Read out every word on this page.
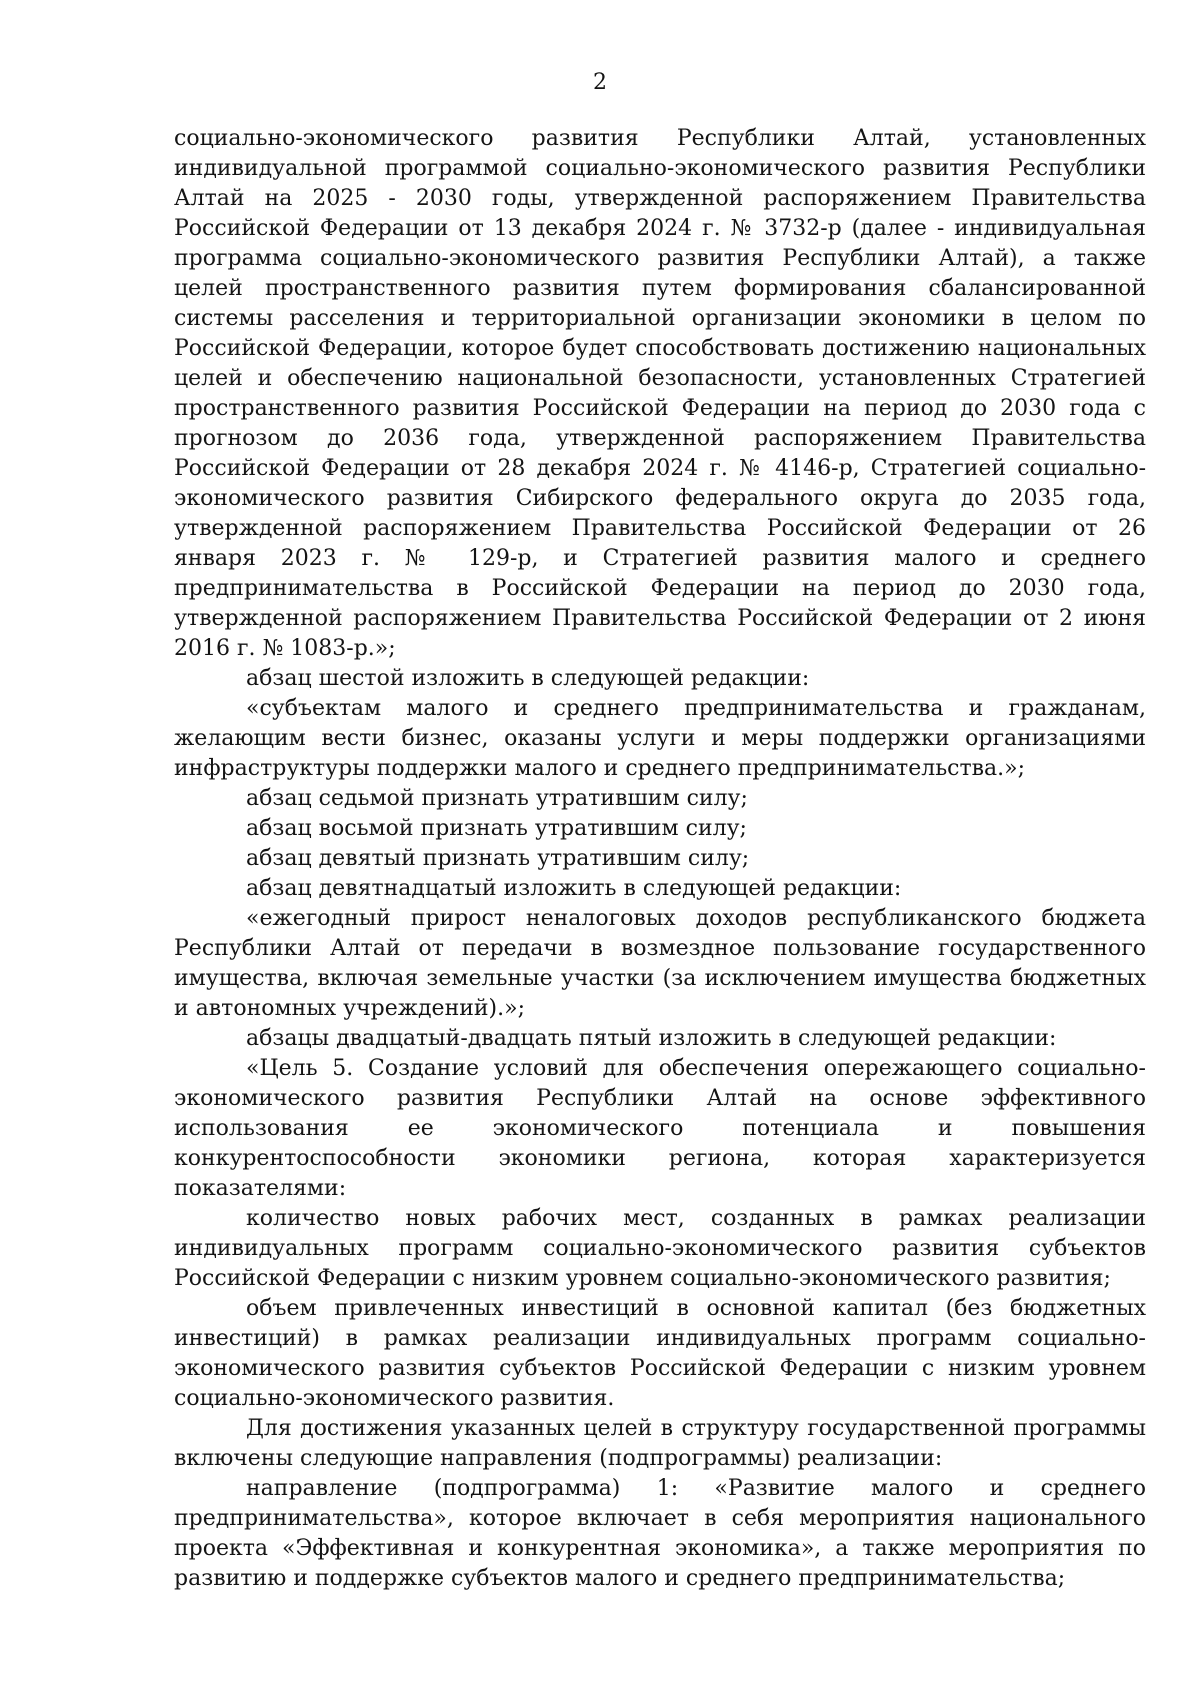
2

социально-экономического развития Республики Алтай, установленных индивидуальной программой социально-экономического развития Республики Алтай на 2025 - 2030 годы, утвержденной распоряжением Правительства Российской Федерации от 13 декабря 2024 г. № 3732-р (далее - индивидуальная программа социально-экономического развития Республики Алтай), а также целей пространственного развития путем формирования сбалансированной системы расселения и территориальной организации экономики в целом по Российской Федерации, которое будет способствовать достижению национальных целей и обеспечению национальной безопасности, установленных Стратегией пространственного развития Российской Федерации на период до 2030 года с прогнозом до 2036 года, утвержденной распоряжением Правительства Российской Федерации от 28 декабря 2024 г. № 4146-р, Стратегией социально-экономического развития Сибирского федерального округа до 2035 года, утвержденной распоряжением Правительства Российской Федерации от 26 января 2023 г. № 129-р, и Стратегией развития малого и среднего предпринимательства в Российской Федерации на период до 2030 года, утвержденной распоряжением Правительства Российской Федерации от 2 июня 2016 г. № 1083-р.»;

абзац шестой изложить в следующей редакции:

«субъектам малого и среднего предпринимательства и гражданам, желающим вести бизнес, оказаны услуги и меры поддержки организациями инфраструктуры поддержки малого и среднего предпринимательства.»;

абзац седьмой признать утратившим силу;

абзац восьмой признать утратившим силу;

абзац девятый признать утратившим силу;

абзац девятнадцатый изложить в следующей редакции:

«ежегодный прирост неналоговых доходов республиканского бюджета Республики Алтай от передачи в возмездное пользование государственного имущества, включая земельные участки (за исключением имущества бюджетных и автономных учреждений).»;

абзацы двадцатый-двадцать пятый изложить в следующей редакции:

«Цель 5. Создание условий для обеспечения опережающего социально-экономического развития Республики Алтай на основе эффективного использования ее экономического потенциала и повышения конкурентоспособности экономики региона, которая характеризуется показателями:

количество новых рабочих мест, созданных в рамках реализации индивидуальных программ социально-экономического развития субъектов Российской Федерации с низким уровнем социально-экономического развития;

объем привлеченных инвестиций в основной капитал (без бюджетных инвестиций) в рамках реализации индивидуальных программ социально-экономического развития субъектов Российской Федерации с низким уровнем социально-экономического развития.

Для достижения указанных целей в структуру государственной программы включены следующие направления (подпрограммы) реализации:

направление (подпрограмма) 1: «Развитие малого и среднего предпринимательства», которое включает в себя мероприятия национального проекта «Эффективная и конкурентная экономика», а также мероприятия по развитию и поддержке субъектов малого и среднего предпринимательства;
